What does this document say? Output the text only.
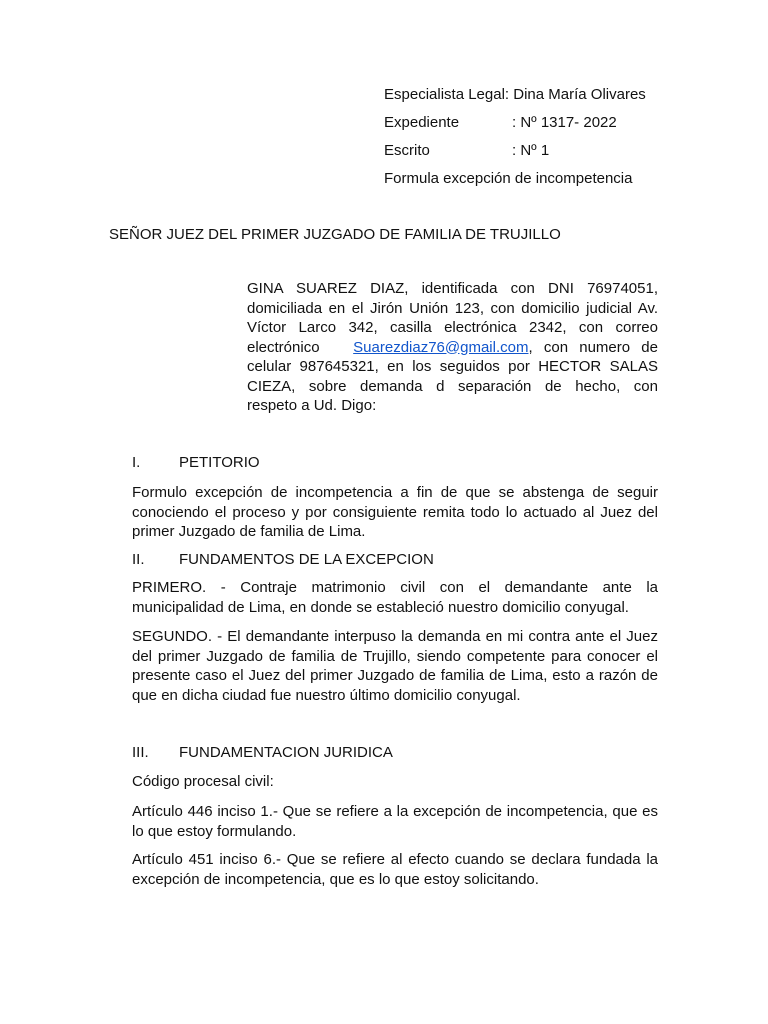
Especialista Legal: Dina María Olivares
Expediente	: Nº 1317- 2022
Escrito	: Nº 1
Formula excepción de incompetencia
SEÑOR JUEZ DEL PRIMER JUZGADO DE FAMILIA DE TRUJILLO
GINA SUAREZ DIAZ, identificada con DNI 76974051,
domiciliada en el Jirón Unión 123, con domicilio judicial Av.
Víctor Larco 342, casilla electrónica 2342, con correo
electrónico Suarezdiaz76@gmail.com, con numero de
celular 987645321, en los seguidos por HECTOR SALAS
CIEZA, sobre demanda d separación de hecho, con
respeto a Ud. Digo:
I.	PETITORIO

Formulo excepción de incompetencia a fin de que se abstenga de seguir conociendo el proceso y por consiguiente remita todo lo actuado al Juez del primer Juzgado de familia de Lima.

II. FUNDAMENTOS DE LA EXCEPCION

PRIMERO. - Contraje matrimonio civil con el demandante ante la municipalidad de Lima, en donde se estableció nuestro domicilio conyugal.

SEGUNDO. - El demandante interpuso la demanda en mi contra ante el Juez del primer Juzgado de familia de Trujillo, siendo competente para conocer el presente caso el Juez del primer Juzgado de familia de Lima, esto a razón de que en dicha ciudad fue nuestro último domicilio conyugal.

III. FUNDAMENTACION JURIDICA

Código procesal civil:

Artículo 446 inciso 1.- Que se refiere a la excepción de incompetencia, que es lo que estoy formulando.

Artículo 451 inciso 6.- Que se refiere al efecto cuando se declara fundada la excepción de incompetencia, que es lo que estoy solicitando.
